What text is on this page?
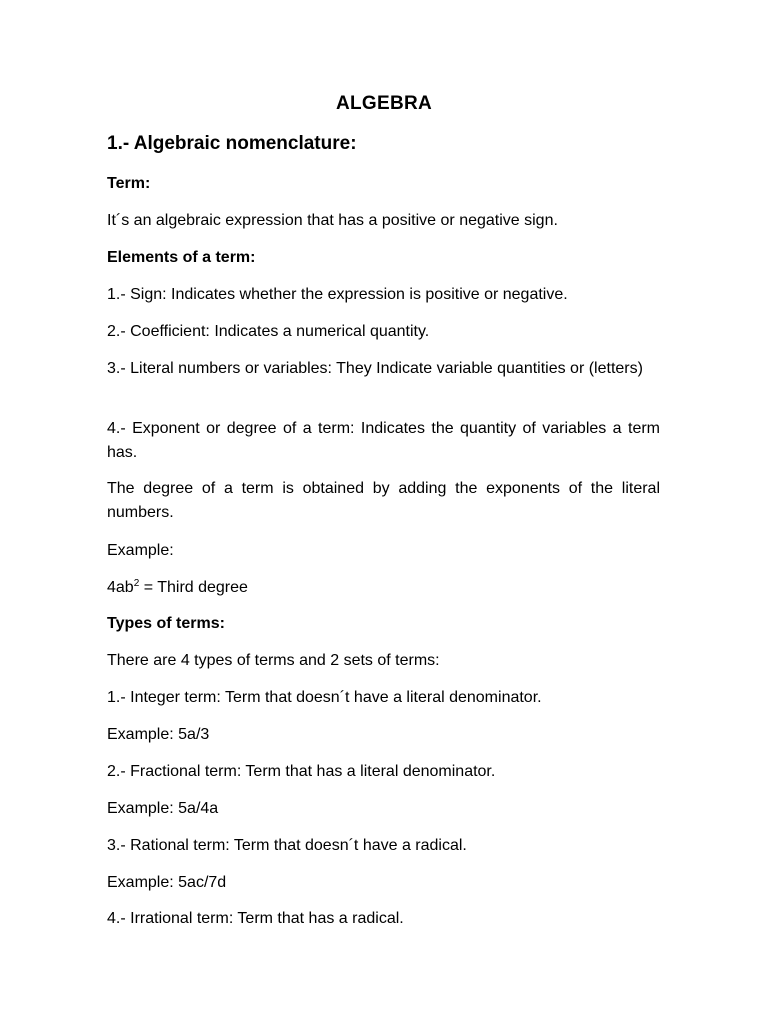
ALGEBRA
1.- Algebraic nomenclature:

Term:

It´s an algebraic expression that has a positive or negative sign.

Elements of a term:

1.- Sign: Indicates whether the expression is positive or negative.

2.- Coefficient: Indicates a numerical quantity.

3.- Literal numbers or variables: They Indicate variable quantities or (letters)

4.- Exponent or degree of a term: Indicates the quantity of variables a term has.

The degree of a term is obtained by adding the exponents of the literal numbers.

Example:

$4ab^2$ = Third degree

Types of terms:

There are 4 types of terms and 2 sets of terms:

1.- Integer term: Term that doesn´t have a literal denominator.

Example: 5a/3

2.- Fractional term: Term that has a literal denominator.

Example: 5a/4a

3.- Rational term: Term that doesn´t have a radical.

Example: 5ac/7d

4.- Irrational term: Term that has a radical.
